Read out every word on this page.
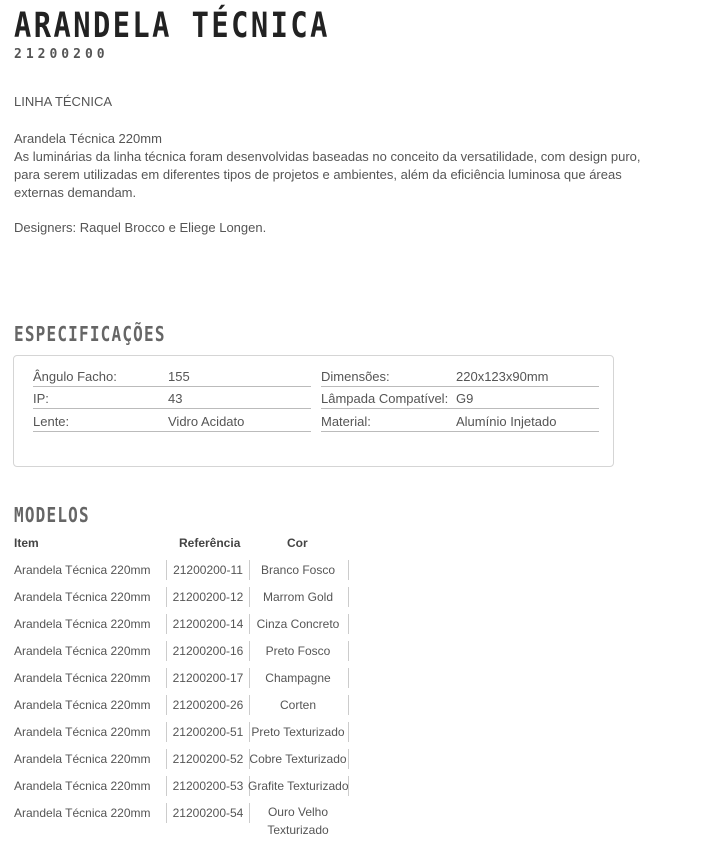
ARANDELA TÉCNICA
21200200
LINHA TÉCNICA

Arandela Técnica 220mm

As luminárias da linha técnica foram desenvolvidas baseadas no conceito da versatilidade, com design puro, para serem utilizadas em diferentes tipos de projetos e ambientes, além da eficiência luminosa que áreas externas demandam.

Designers: Raquel Brocco e Eliege Longen.
ESPECIFICAÇÕES
Ângulo Facho:	155
IP:	43
Lente:	Vidro Acidato
Dimensões:	220x123x90mm
Lâmpada Compatível: G9
Material:	Alumínio Injetado
MODELOS
Item	Referência	Cor
Arandela Técnica 220mm	21200200-11	Branco Fosco
Arandela Técnica 220mm	21200200-12	Marrom Gold
Arandela Técnica 220mm	21200200-14	Cinza Concreto
Arandela Técnica 220mm	21200200-16	Preto Fosco
Arandela Técnica 220mm	21200200-17	Champagne
Arandela Técnica 220mm	21200200-26	Corten
Arandela Técnica 220mm	21200200-51 Preto Texturizado
Arandela Técnica 220mm	21200200-52 Cobre Texturizado
Arandela Técnica 220mm	21200200-53 Grafite Texturizado
Arandela Técnica 220mm	21200200-54	Ouro Velho
Texturizado
